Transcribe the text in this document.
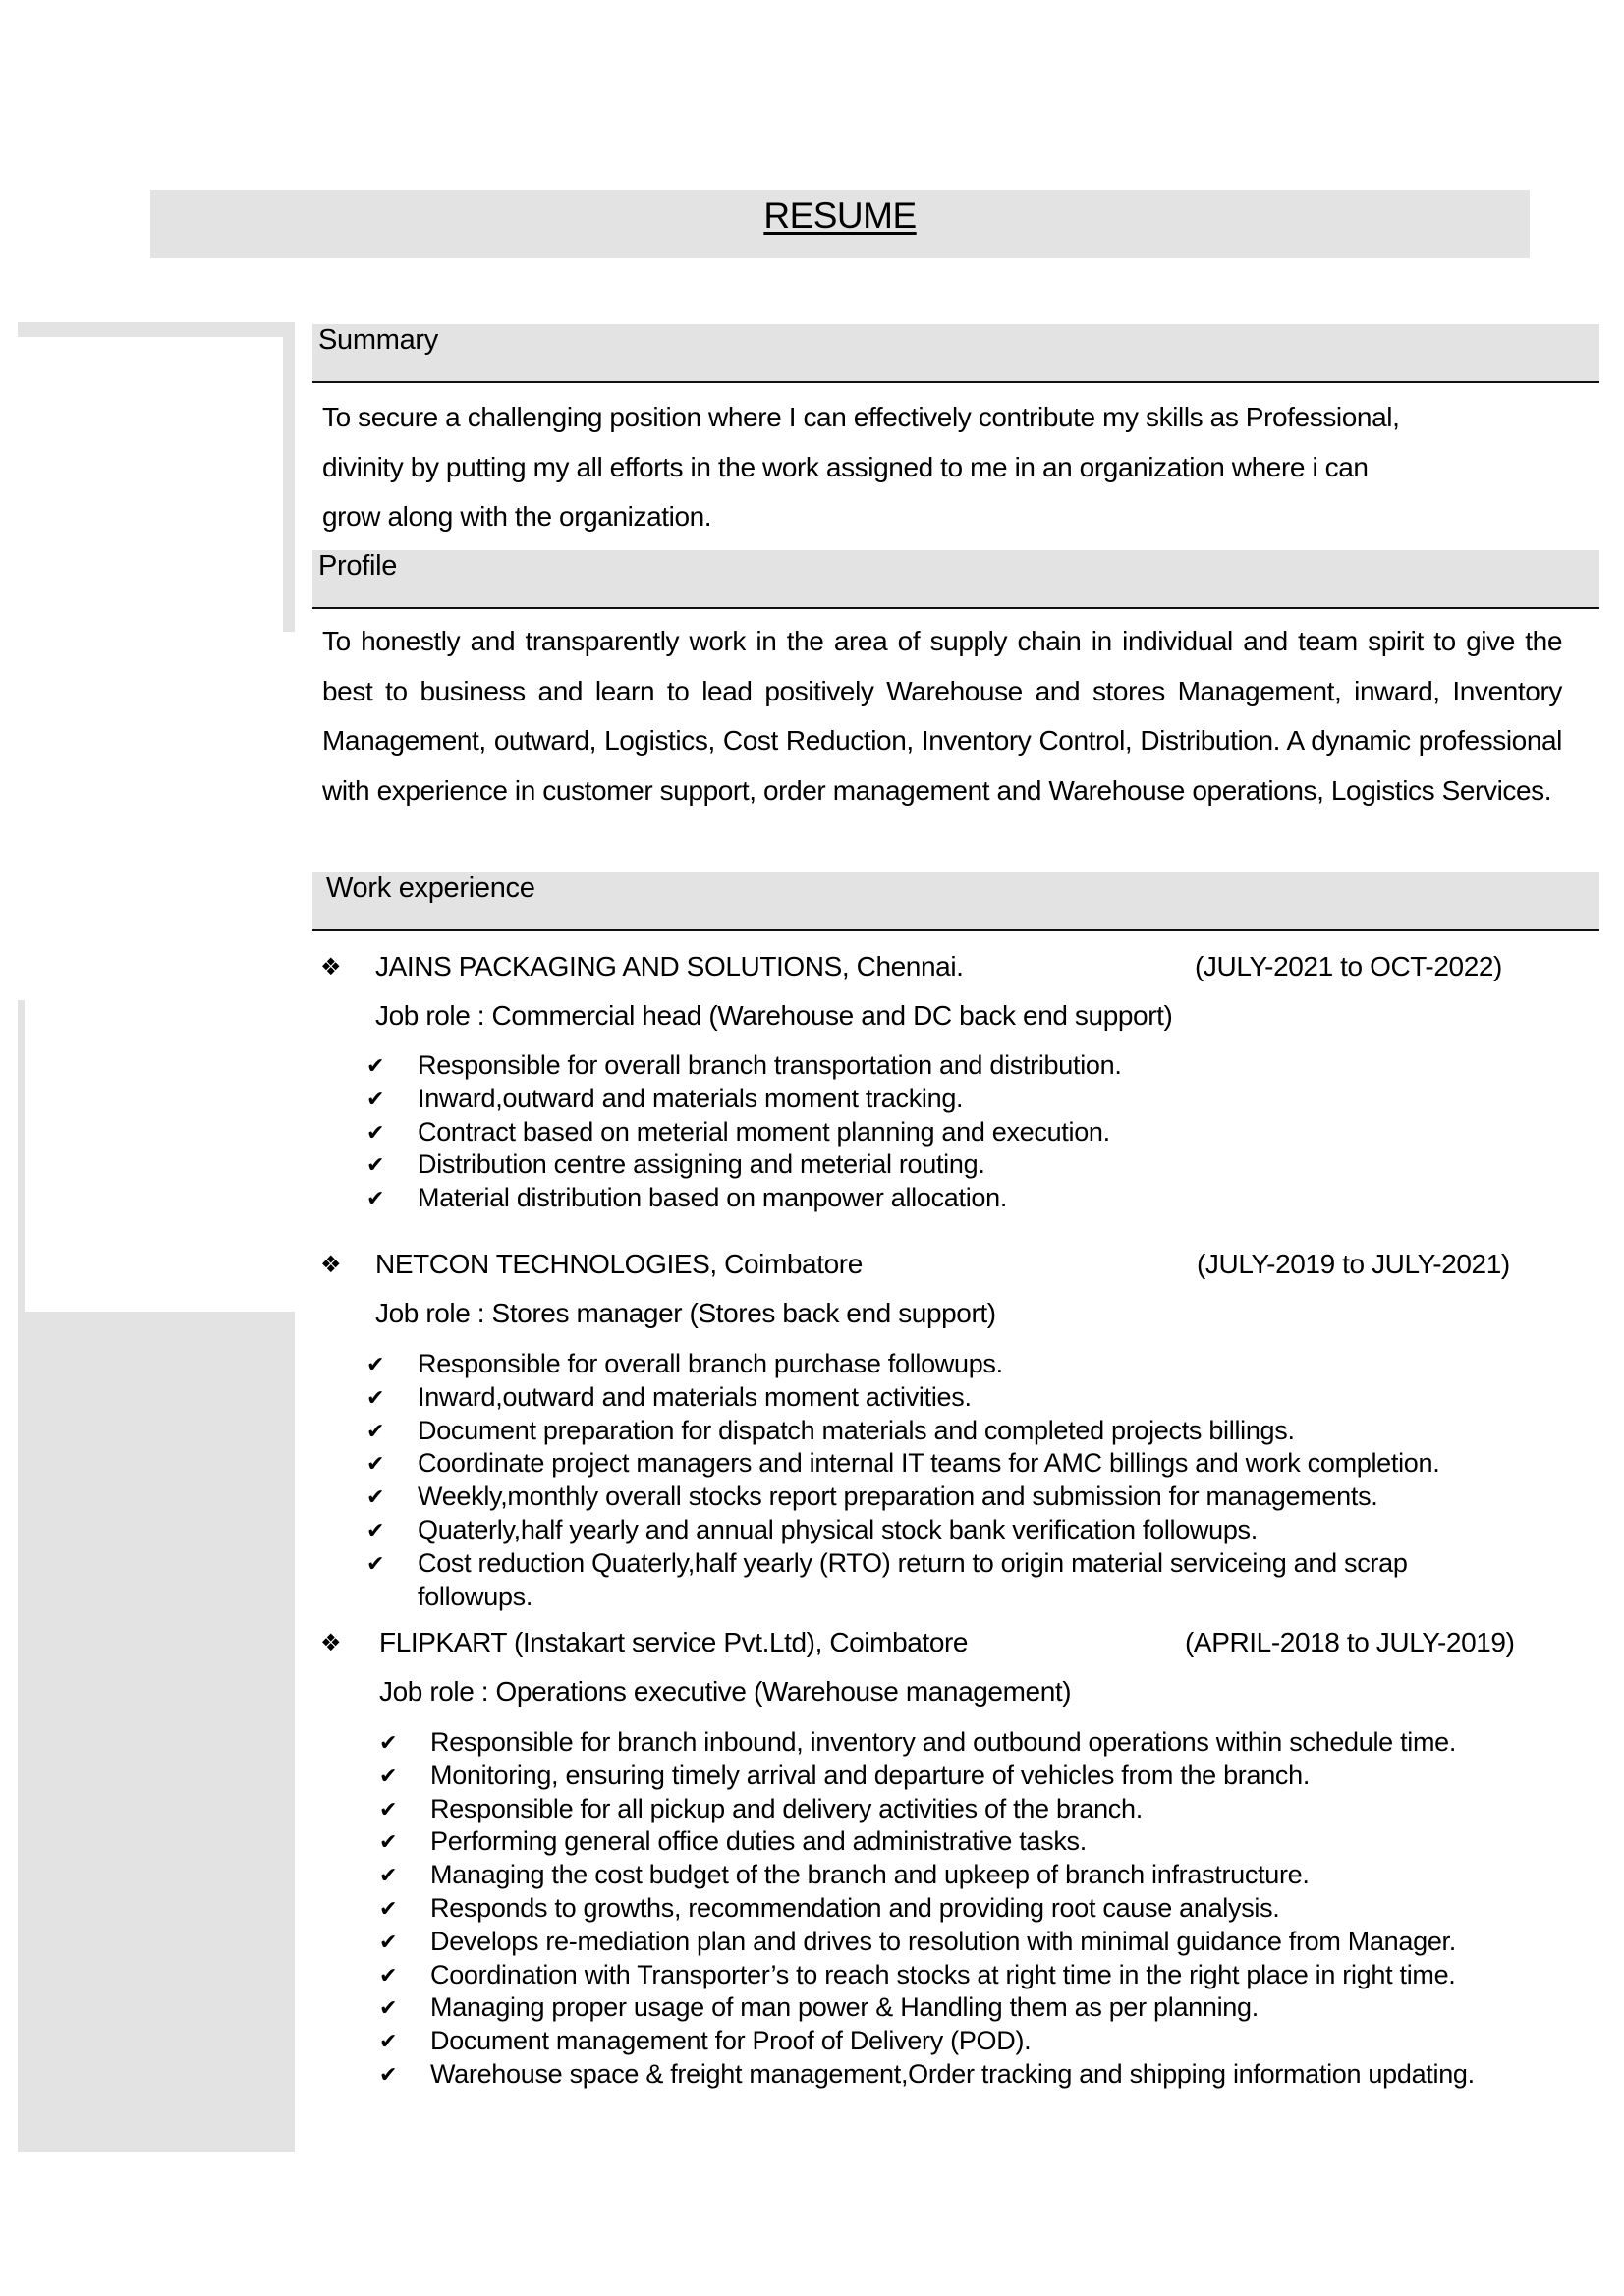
RESUME
Summary
To secure a challenging position where I can effectively contribute my skills as Professional,
divinity by putting my all efforts in the work assigned to me in an organization where i can
grow along with the organization.
Profile
To honestly and transparently work in the area of supply chain in individual and team spirit to give the best to business and learn to lead positively Warehouse and stores Management, inward, Inventory Management, outward, Logistics, Cost Reduction, Inventory Control, Distribution. A dynamic professional with experience in customer support, order management and Warehouse operations, Logistics Services.
Work experience
❖ JAINS PACKAGING AND SOLUTIONS, Chennai.	(JULY-2021 to OCT-2022)
Job role : Commercial head (Warehouse and DC back end support)
✔ Responsible for overall branch transportation and distribution.
✔ Inward,outward and materials moment tracking.
✔ Contract based on meterial moment planning and execution.
✔ Distribution centre assigning and meterial routing.
✔ Material distribution based on manpower allocation.
❖ NETCON TECHNOLOGIES, Coimbatore	(JULY-2019 to JULY-2021)
Job role : Stores manager (Stores back end support)
✔ Responsible for overall branch purchase followups.
✔ Inward,outward and materials moment activities.
✔ Document preparation for dispatch materials and completed projects billings.
✔ Coordinate project managers and internal IT teams for AMC billings and work completion.
✔ Weekly,monthly overall stocks report preparation and submission for managements.
✔ Quaterly,half yearly and annual physical stock bank verification followups.
✔ Cost reduction Quaterly,half yearly (RTO) return to origin material serviceing and scrap followups.
❖ FLIPKART (Instakart service Pvt.Ltd), Coimbatore	(APRIL-2018 to JULY-2019)
Job role : Operations executive (Warehouse management)
✔ Responsible for branch inbound, inventory and outbound operations within schedule time.
✔ Monitoring, ensuring timely arrival and departure of vehicles from the branch.
✔ Responsible for all pickup and delivery activities of the branch.
✔ Performing general office duties and administrative tasks.
✔ Managing the cost budget of the branch and upkeep of branch infrastructure.
✔ Responds to growths, recommendation and providing root cause analysis.
✔ Develops re-mediation plan and drives to resolution with minimal guidance from Manager.
✔ Coordination with Transporter’s to reach stocks at right time in the right place in right time.
✔ Managing proper usage of man power & Handling them as per planning.
✔ Document management for Proof of Delivery (POD).
✔ Warehouse space & freight management,Order tracking and shipping information updating.
